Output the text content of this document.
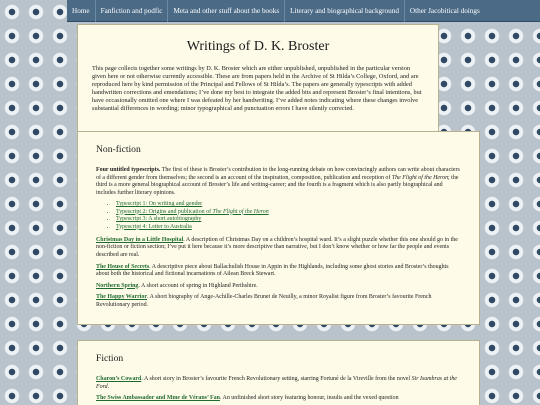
Home	Fanfiction and podfic	Meta and other stuff about the books	Literary and biographical background	Other Jacobitical doings
Writings of D. K. Broster

This page collects together some writings by D. K. Broster which are either unpublished, unpublished in the particular version given here or not otherwise currently accessible. These are from papers held in the Archive of St Hilda’s College, Oxford, and are reproduced here by kind permission of the Principal and Fellows of St Hilda’s. The papers are generally typescripts with added handwritten corrections and emendations; I’ve done my best to integrate the added bits and represent Broster’s final intentions, but have occasionally omitted one where I was defeated by her handwriting. I’ve added notes indicating where these changes involve substantial differences in wording; minor typographical and punctuation errors I have silently corrected.

Non-fiction

Four untitled typescripts. The first of these is Broster’s contribution to the long-running debate on how convincingly authors can write about characters of a different gender from themselves; the second is an account of the inspiration, composition, publication and reception of The Flight of the Heron; the third is a more general biographical account of Broster’s life and writing-career; and the fourth is a fragment which is also partly biographical and includes further literary opinions.

• Typescript 1: On writing and gender
• Typescript 2: Origins and publication of The Flight of the Heron
• Typescript 3: A short autobiography
• Typescript 4: Letter to Australia

Christmas Day in a Little Hospital. A description of Christmas Day on a children’s hospital ward. It’s a slight puzzle whether this one should go in the non-fiction or fiction section; I’ve put it here because it’s more descriptive than narrative, but I don’t know whether or how far the people and events described are real.

The House of Secrets. A descriptive piece about Ballachulish House in Appin in the Highlands, including some ghost stories and Broster’s thoughts about both the historical and fictional incarnations of Ailean Breck Stewart.

Northern Spring. A short account of spring in Highland Perthshire.

The Happy Warrior. A short biography of Ange-Achille-Charles Brunet de Neuilly, a minor Royalist figure from Broster’s favourite French Revolutionary period.

Fiction

Charon’s Coward. A short story in Broster’s favourite French Revolutionary setting, starring Fortuné de la Vireville from the novel Sir Isumbras at the Ford.

The Swiss Ambassador and Mme de Vérans’ Fan. An unfinished short story featuring honour, insults and the vexed question
